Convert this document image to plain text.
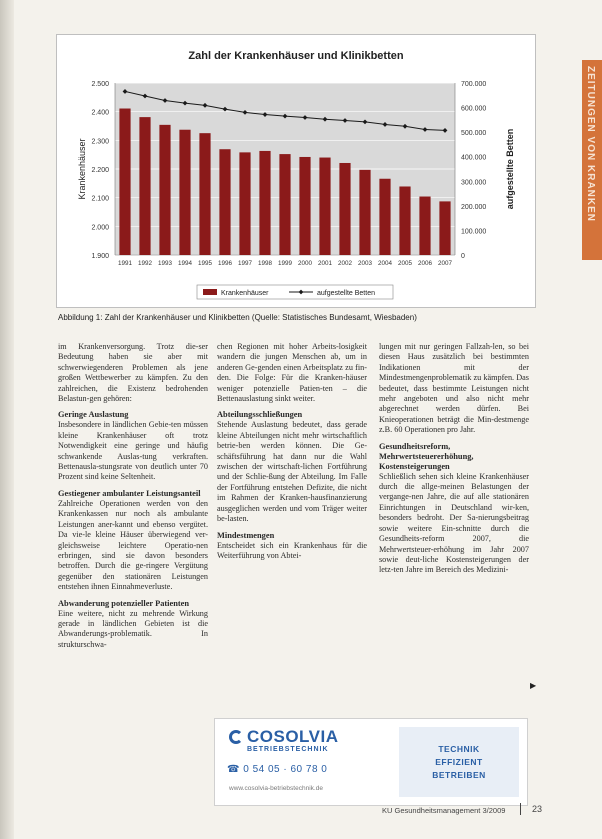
ZEITUNGEN VON KRANKEN
1.900
2.000
2.100
2.200
2.300
2.400
2.500
0
100.000
200.000
300.000
400.000
500.000
600.000
700.000
1991 1992 1993 1994 1995 1996 1997 1998 1999 2000 2001 2002 2003 2004 2005 2006 2007
Zahl der Krankenhäuser und Klinikbetten
Krankenhäuser	aufgestellte Betten
Krankenhäuser	aufgestellte Betten
Abbildung 1: Zahl der Krankenhäuser und Klinikbetten (Quelle: Statistisches Bundesamt, Wiesbaden)

im Krankenversorgung. Trotz die-ser Bedeutung haben sie aber mit schwerwiegenderen Problemen als jene großen Wettbewerber zu kämpfen. Zu den zahlreichen, die Existenz bedrohenden Belastun-gen gehören:

Geringe Auslastung

Insbesondere in ländlichen Gebie-ten müssen kleine Krankenhäuser oft trotz Notwendigkeit eine geringe und häufig schwankende Auslas-tung verkraften. Bettenausla-stungsrate von deutlich unter 70 Prozent sind keine Seltenheit.

Gestiegener ambulanter Leistungsanteil

Zahlreiche Operationen werden von den Krankenkassen nur noch als ambulante Leistungen aner-kannt und ebenso vergütet. Da vie-le kleine Häuser überwiegend ver-gleichsweise leichtere Operatio-nen erbringen, sind sie davon besonders betroffen. Durch die ge-ringere Vergütung gegenüber den stationären Leistungen entstehen ihnen Einnahmeverluste.

Abwanderung potenzieller Patienten

Eine weitere, nicht zu mehrende Wirkung gerade in ländlichen Gebieten ist die Abwanderungs-problematik. In strukturschwa-

chen Regionen mit hoher Arbeits-losigkeit wandern die jungen Menschen ab, um in anderen Ge-genden einen Arbeitsplatz zu fin-den. Die Folge: Für die Kranken-häuser weniger potenzielle Patien-ten – die Bettenauslastung sinkt weiter.

Abteilungsschließungen

Stehende Auslastung bedeutet, dass gerade kleine Abteilungen nicht mehr wirtschaftlich betrie-ben werden können. Die Ge-schäftsführung hat dann nur die Wahl zwischen der wirtschaft-lichen Fortführung und der Schlie-ßung der Abteilung. Im Falle der Fortführung entstehen Defizite, die nicht im Rahmen der Kranken-hausfinanzierung ausgeglichen werden und vom Träger weiter be-lasten.

Mindestmengen

Entscheidet sich ein Krankenhaus für die Weiterführung von Abtei-

lungen mit nur geringen Fallzah-len, so bei diesen Haus zusätzlich bei bestimmten Indikationen mit der Mindestmengenproblematik zu kämpfen. Das bedeutet, dass bestimmte Leistungen nicht mehr angeboten und also nicht mehr abgerechnet werden dürfen. Bei Knieoperationen beträgt die Min-destmenge z.B. 60 Operationen pro Jahr.

Gesundheitsreform, Mehrwertsteuererhöhung, Kostensteigerungen

Schließlich sehen sich kleine Krankenhäuser durch die allge-meinen Belastungen der vergange-nen Jahre, die auf alle stationären Einrichtungen in Deutschland wir-ken, besonders bedroht. Der Sa-nierungsbeitrag sowie weitere Ein-schnitte durch die Gesundheits-reform 2007, die Mehrwertsteuer-erhöhung im Jahr 2007 sowie deut-liche Kostensteigerungen der letz-ten Jahre im Bereich des Medizini-

▶
COSOLVIA
BETRIEBSTECHNIK
☎ 0 54 05 · 60 78 0
www.cosolvia-betriebstechnik.de
TECHNIK
EFFIZIENT
BETREIBEN
KU Gesundheitsmanagement 3/2009	23
